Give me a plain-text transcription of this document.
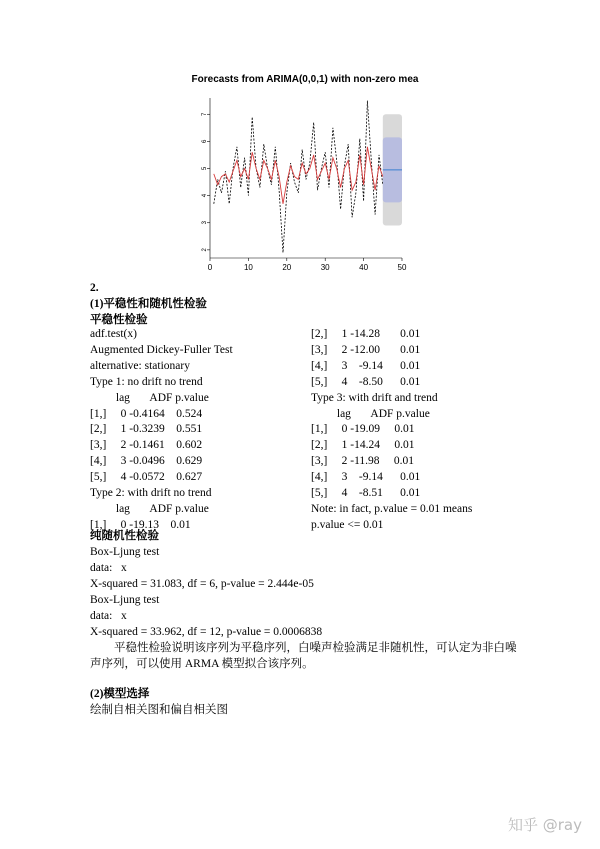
Forecasts from ARIMA(0,0,1) with non-zero mea
2
3
4
5
6
7
0	10	20	30	40	50
2.
(1)平稳性和随机性检验
平稳性检验
adf.test(x)
Augmented Dickey-Fuller Test
alternative: stationary
Type 1: no drift no trend
lag       ADF p.value
[1,]     0 -0.4164    0.524
[2,]     1 -0.3239    0.551
[3,]     2 -0.1461    0.602
[4,]     3 -0.0496    0.629
[5,]     4 -0.0572    0.627
Type 2: with drift no trend
lag       ADF p.value
[1,]     0 -19.13    0.01
[2,]     1 -14.28       0.01
[3,]     2 -12.00       0.01
[4,]     3    -9.14      0.01
[5,]     4    -8.50      0.01
Type 3: with drift and trend
lag       ADF p.value
[1,]     0 -19.09     0.01
[2,]     1 -14.24     0.01
[3,]     2 -11.98     0.01
[4,]     3    -9.14      0.01
[5,]     4    -8.51      0.01
Note: in fact, p.value = 0.01 means
p.value <= 0.01
纯随机性检验
Box-Ljung test
data:   x
X-squared = 31.083, df = 6, p-value = 2.444e-05
Box-Ljung test
data:   x
X-squared = 33.962, df = 12, p-value = 0.0006838
平稳性检验说明该序列为平稳序列，白噪声检验满足非随机性，可认定为非白噪声序列，可以使用 ARMA 模型拟合该序列。
(2)模型选择
绘制自相关图和偏自相关图
知乎 @ray
